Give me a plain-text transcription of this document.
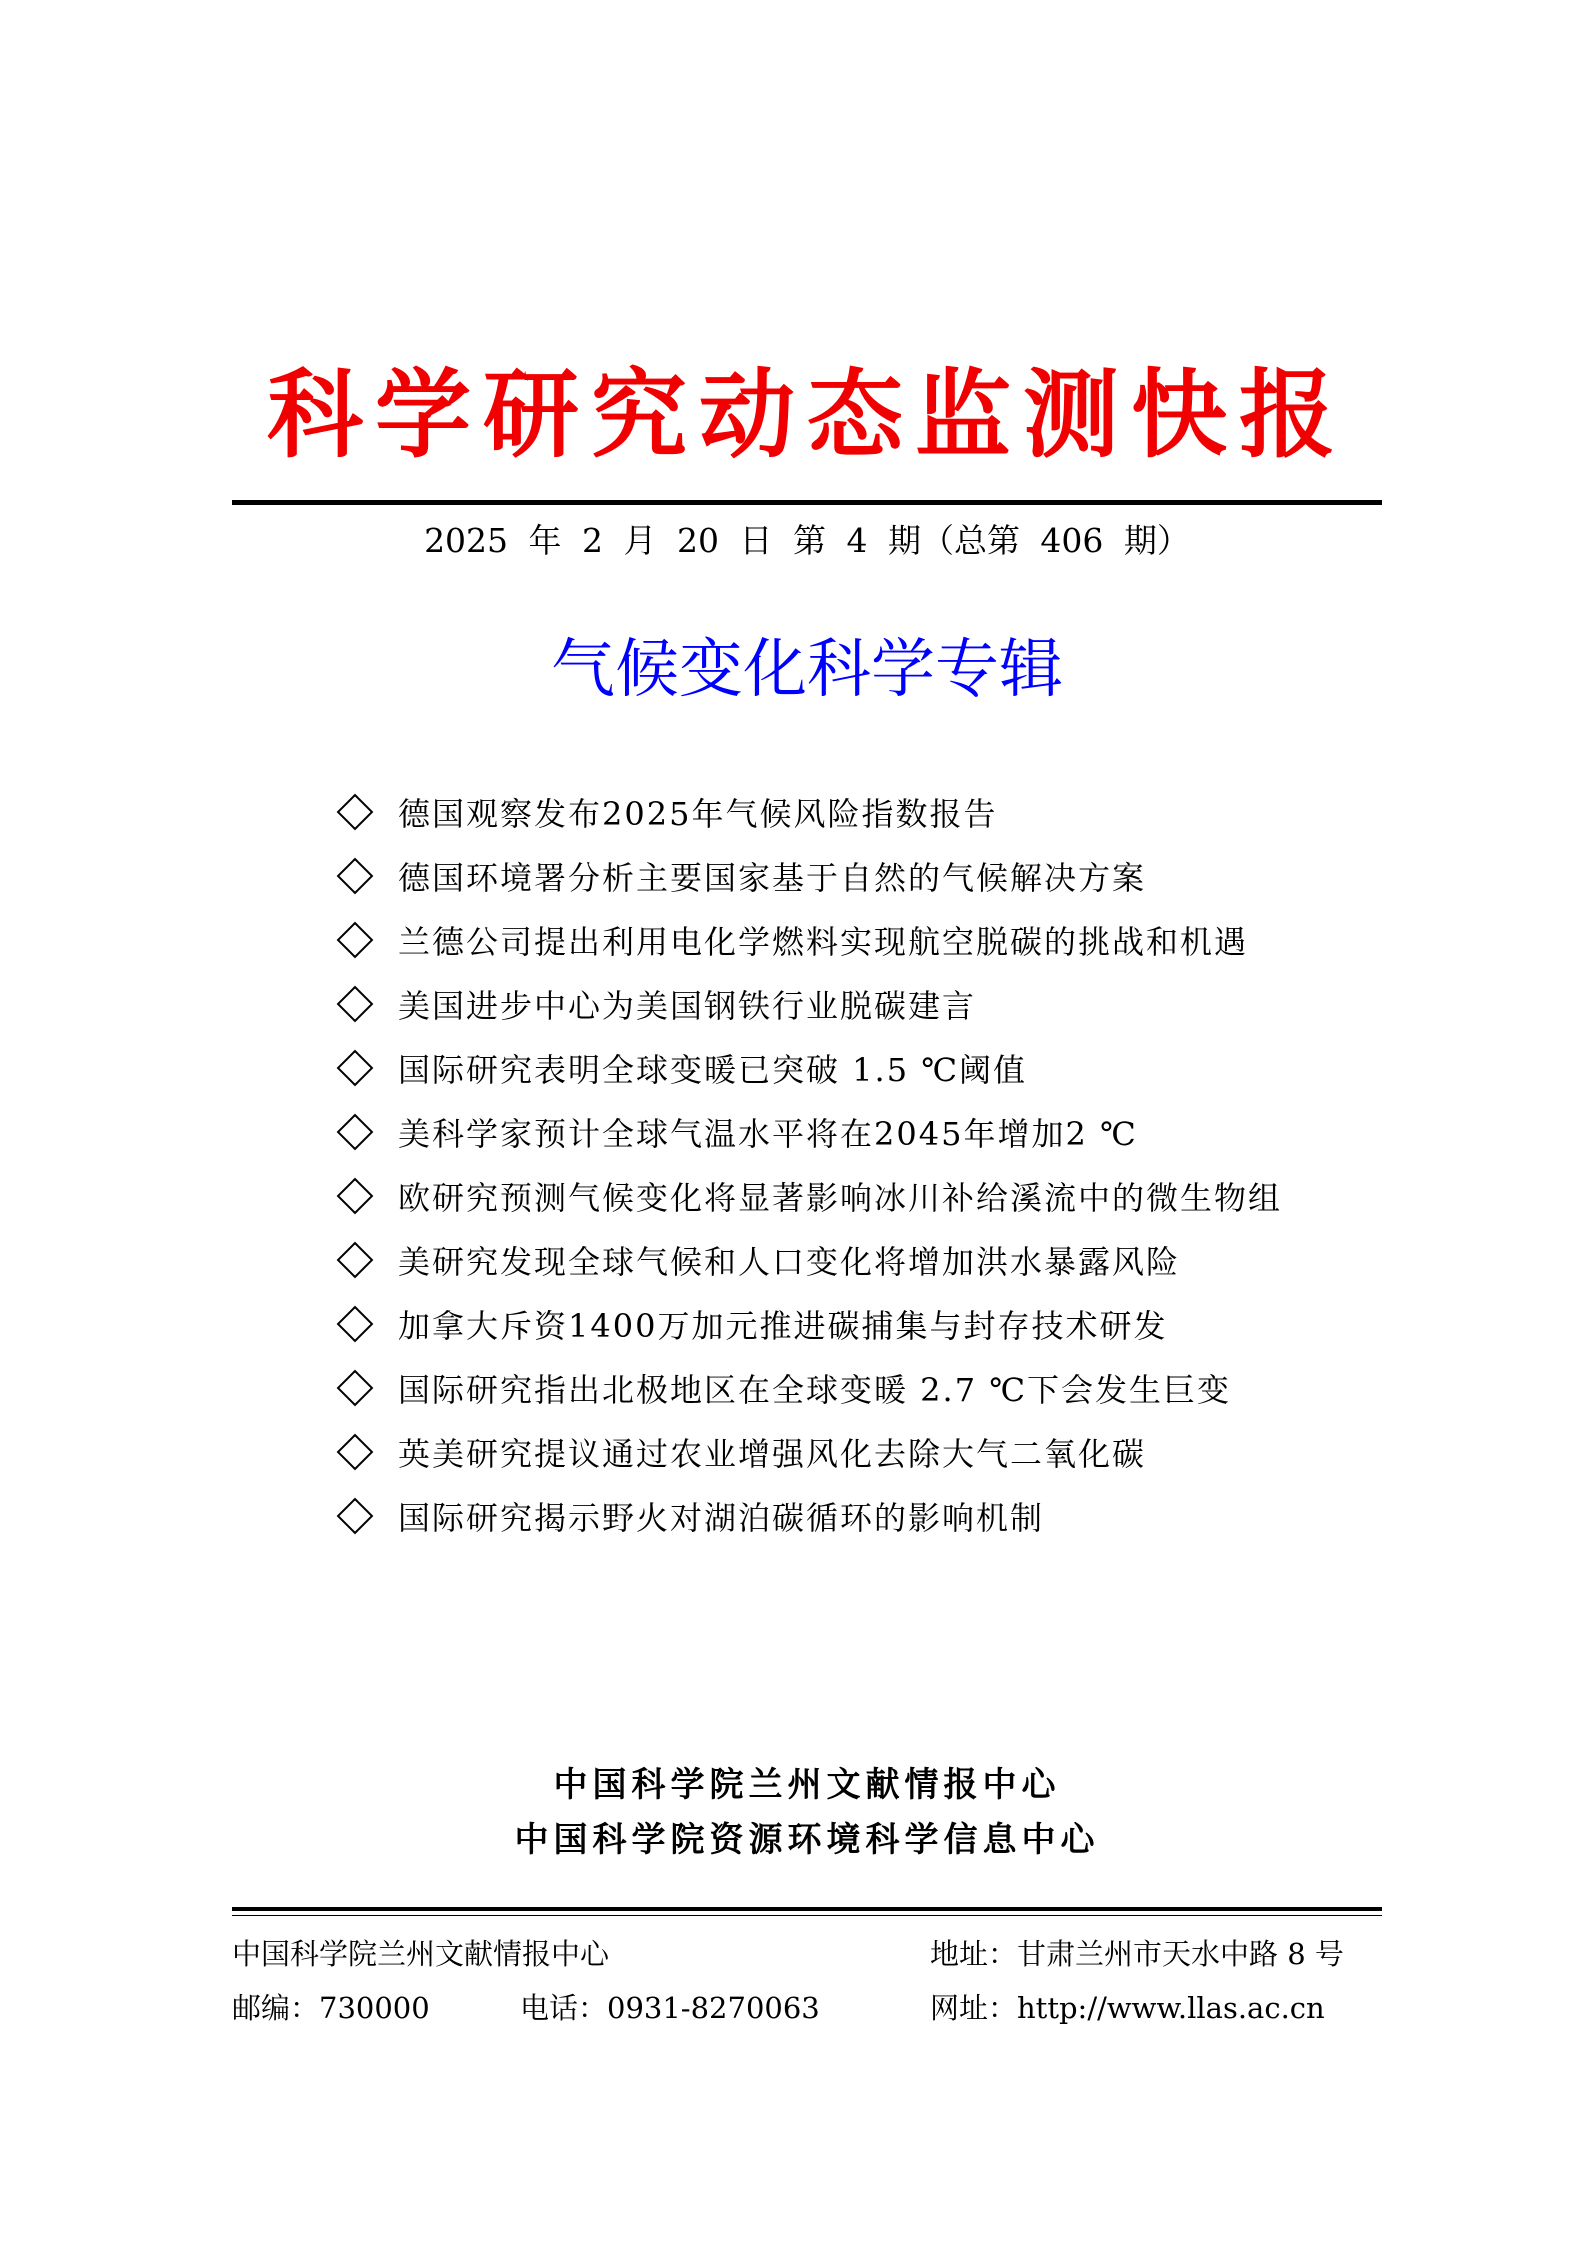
科学研究动态监测快报
2025 年 2 月 20 日 第 4 期（总第 406 期）
气候变化科学专辑
德国观察发布2025年气候风险指数报告
德国环境署分析主要国家基于自然的气候解决方案
兰德公司提出利用电化学燃料实现航空脱碳的挑战和机遇
美国进步中心为美国钢铁行业脱碳建言
国际研究表明全球变暖已突破 1.5 ℃阈值
美科学家预计全球气温水平将在2045年增加2 ℃
欧研究预测气候变化将显著影响冰川补给溪流中的微生物组
美研究发现全球气候和人口变化将增加洪水暴露风险
加拿大斥资1400万加元推进碳捕集与封存技术研发
国际研究指出北极地区在全球变暖 2.7 ℃下会发生巨变
英美研究提议通过农业增强风化去除大气二氧化碳
国际研究揭示野火对湖泊碳循环的影响机制
中国科学院兰州文献情报中心
中国科学院资源环境科学信息中心
中国科学院兰州文献情报中心	地址：甘肃兰州市天水中路 8 号
邮编：730000	电话：0931-8270063	网址：http://www.llas.ac.cn
